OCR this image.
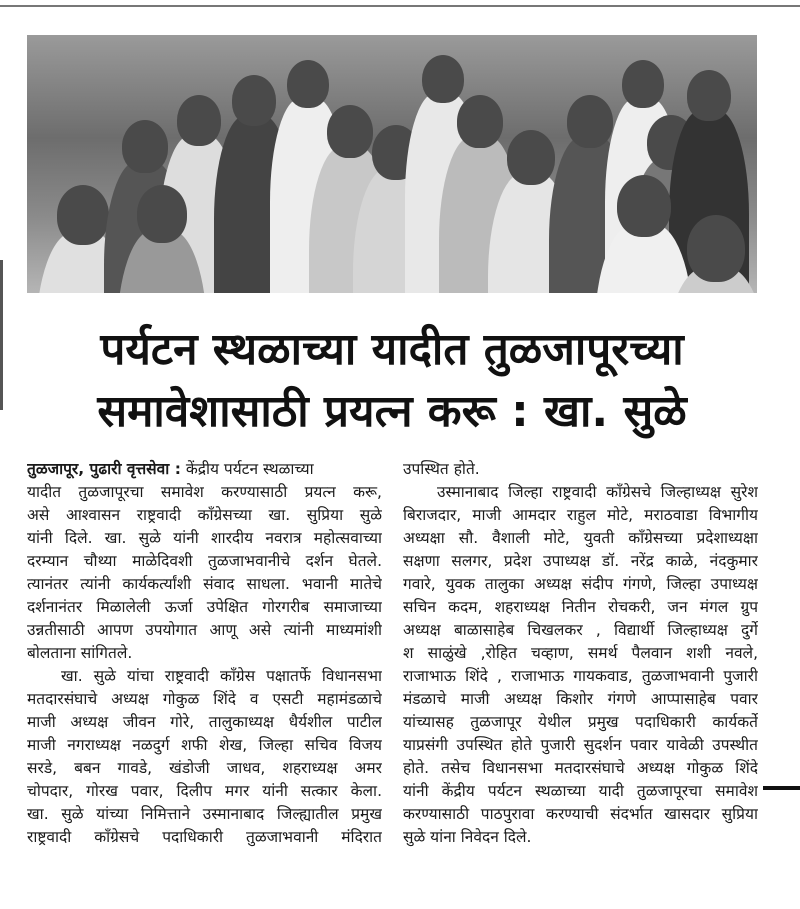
पर्यटन स्थळाच्या यादीत तुळजापूरच्या
समावेशासाठी प्रयत्न करू : खा. सुळे
तुळजापूर, पुढारी वृत्तसेवा : केंद्रीय पर्यटन स्थळाच्या
यादीत तुळजापूरचा समावेश करण्यासाठी प्रयत्न करू,
असे आश्वासन राष्ट्रवादी कॉंग्रेसच्या खा. सुप्रिया सुळे
यांनी दिले. खा. सुळे यांनी शारदीय नवरात्र महोत्सवाच्या
दरम्यान चौथ्या माळेदिवशी तुळजाभवानीचे दर्शन घेतले.
त्यानंतर त्यांनी कार्यकर्त्यांशी संवाद साधला. भवानी मातेचे
दर्शनानंतर मिळालेली ऊर्जा उपेक्षित गोरगरीब समाजाच्या
उन्नतीसाठी आपण उपयोगात आणू असे त्यांनी माध्यमांशी
बोलताना सांगितले.
खा. सुळे यांचा राष्ट्रवादी कॉंग्रेस पक्षातर्फे विधानसभा
मतदारसंघाचे अध्यक्ष गोकुळ शिंदे व एसटी महामंडळाचे
माजी अध्यक्ष जीवन गोरे, तालुकाध्यक्ष धैर्यशील पाटील
माजी नगराध्यक्ष नळदुर्ग शफी शेख, जिल्हा सचिव विजय
सरडे, बबन गावडे, खंडोजी जाधव, शहराध्यक्ष अमर
चोपदार, गोरख पवार, दिलीप मगर यांनी सत्कार केला.
खा. सुळे यांच्या निमित्ताने उस्मानाबाद जिल्ह्यातील प्रमुख
राष्ट्रवादी कॉंग्रेसचे पदाधिकारी तुळजाभवानी मंदिरात
उपस्थित होते.
उस्मानाबाद जिल्हा राष्ट्रवादी कॉंग्रेसचे जिल्हाध्यक्ष सुरेश
बिराजदार, माजी आमदार राहुल मोटे, मराठवाडा विभागीय
अध्यक्षा सौ. वैशाली मोटे, युवती कॉंग्रेसच्या प्रदेशाध्यक्षा
सक्षणा सलगर, प्रदेश उपाध्यक्ष डॉ. नरेंद्र काळे, नंदकुमार
गवारे, युवक तालुका अध्यक्ष संदीप गंगणे, जिल्हा उपाध्यक्ष
सचिन कदम, शहराध्यक्ष नितीन रोचकरी, जन मंगल ग्रुप
अध्यक्ष बाळासाहेब चिखलकर , विद्यार्थी जिल्हाध्यक्ष दुर्गे
श साळुंखे ,रोहित चव्हाण, समर्थ पैलवान शशी नवले,
राजाभाऊ शिंदे , राजाभाऊ गायकवाड, तुळजाभवानी पुजारी
मंडळाचे माजी अध्यक्ष किशोर गंगणे आप्पासाहेब पवार
यांच्यासह तुळजापूर येथील प्रमुख पदाधिकारी कार्यकर्ते
याप्रसंगी उपस्थित होते पुजारी सुदर्शन पवार यावेळी उपस्थीत
होते. तसेच विधानसभा मतदारसंघाचे अध्यक्ष गोकुळ शिंदे
यांनी केंद्रीय पर्यटन स्थळाच्या यादी तुळजापूरचा समावेश
करण्यासाठी पाठपुरावा करण्याची संदर्भात खासदार सुप्रिया
सुळे यांना निवेदन दिले.
